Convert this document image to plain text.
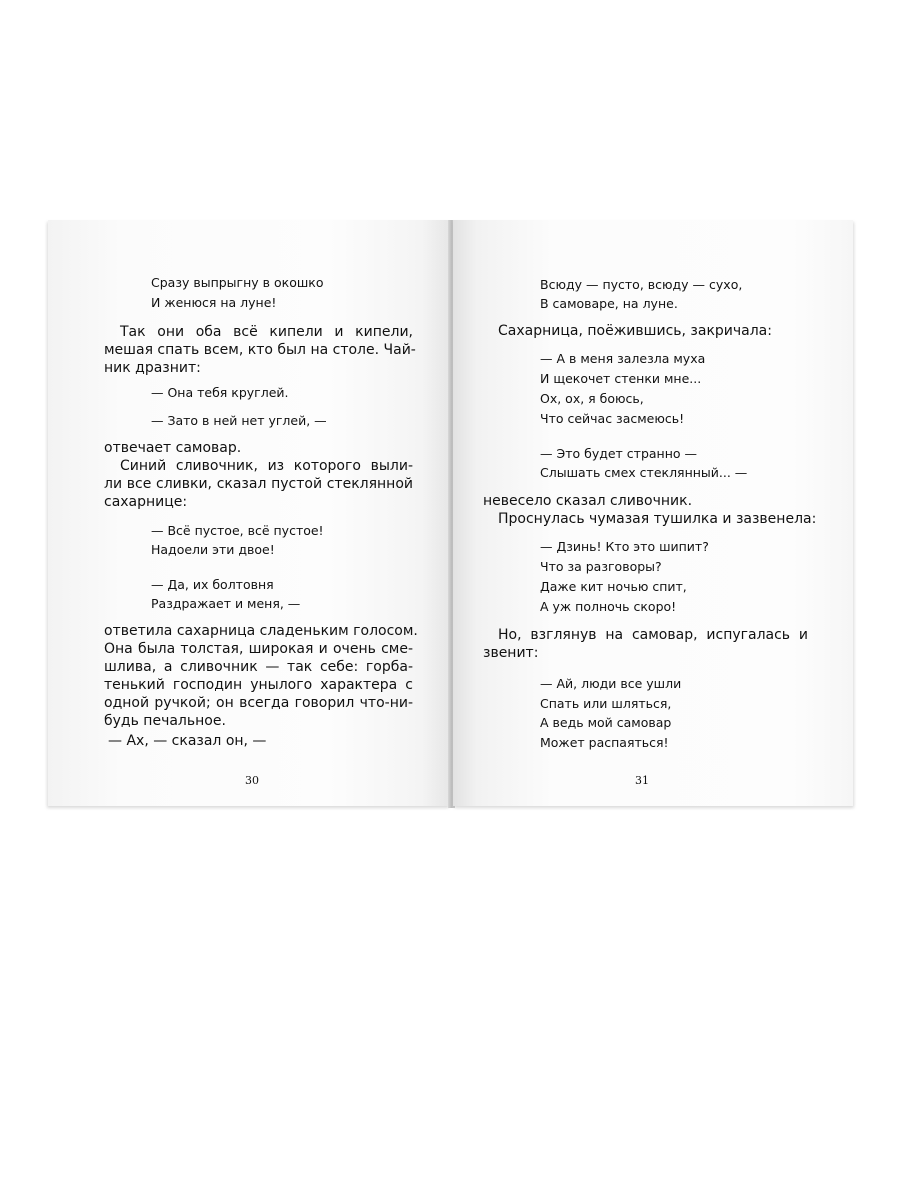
Сразу выпрыгну в окошко

И женюся на луне!

Так они оба всё кипели и кипели,

мешая спать всем, кто был на столе. Чай-

ник дразнит:

— Она тебя круглей.

— Зато в ней нет углей, —

отвечает самовар.

Синий сливочник, из которого выли-

ли все сливки, сказал пустой стеклянной

сахарнице:

— Всё пустое, всё пустое!

Надоели эти двое!

— Да, их болтовня

Раздражает и меня, —

ответила сахарница сладеньким голосом.

Она была толстая, широкая и очень сме-

шлива, а сливочник — так себе: горба-

тенький господин унылого характера с

одной ручкой; он всегда говорил что-ни-

будь печальное.

— Ах, — сказал он, —

30

Всюду — пусто, всюду — сухо,

В самоваре, на луне.

Сахарница, поёжившись, закричала:

— А в меня залезла муха

И щекочет стенки мне...

Ох, ох, я боюсь,

Что сейчас засмеюсь!

— Это будет странно —

Слышать смех стеклянный... —

невесело сказал сливочник.

Проснулась чумазая тушилка и зазвенела:

— Дзинь! Кто это шипит?

Что за разговоры?

Даже кит ночью спит,

А уж полночь скоро!

Но, взглянув на самовар, испугалась и

звенит:

— Ай, люди все ушли

Спать или шляться,

А ведь мой самовар

Может распаяться!

31
